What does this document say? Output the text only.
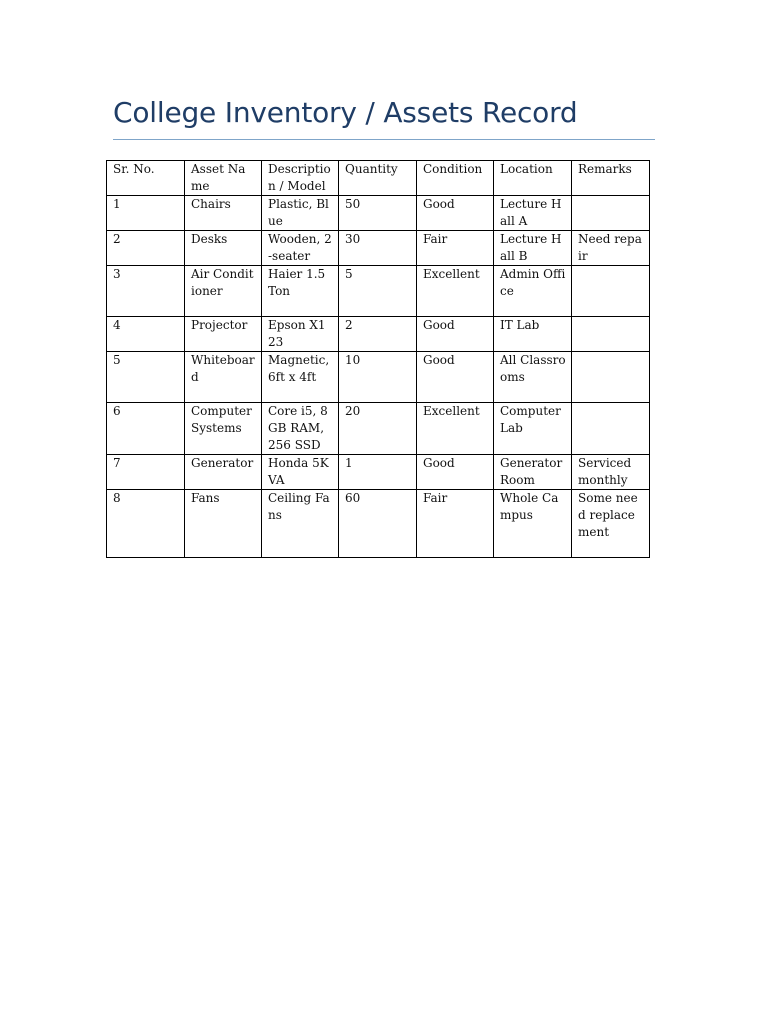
College Inventory / Assets Record
Sr. No.	Asset Name	Description / Model	Quantity	Condition	Location	Remarks
1	Chairs	Plastic, Blue	50	Good	Lecture Hall A	
2	Desks	Wooden, 2-seater	30	Fair	Lecture Hall B	Need repair
3	Air Conditioner	Haier 1.5 Ton	5	Excellent	Admin Office	
4	Projector	Epson X123	2	Good	IT Lab	
5	Whiteboard	Magnetic, 6ft x 4ft	10	Good	All Classrooms	
6	Computer Systems	Core i5, 8GB RAM, 256 SSD	20	Excellent	Computer Lab	
7	Generator	Honda 5KVA	1	Good	Generator Room	Serviced monthly
8	Fans	Ceiling Fans	60	Fair	Whole Campus	Some need replacement
